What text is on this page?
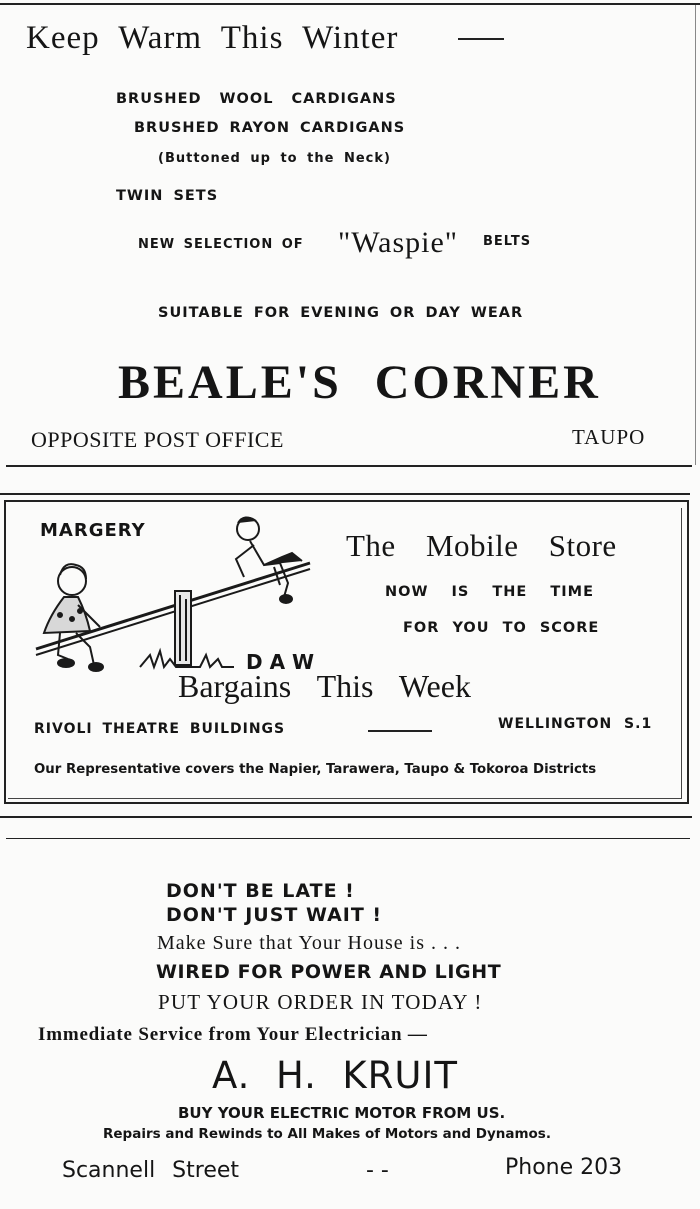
Keep Warm This Winter
BRUSHED WOOL CARDIGANS
BRUSHED RAYON CARDIGANS
(Buttoned up to the Neck)
TWIN SETS
NEW SELECTION OF "Waspie" BELTS
SUITABLE FOR EVENING OR DAY WEAR
BEALE'S CORNER
OPPOSITE POST OFFICE	TAUPO
MARGERY
D A W
The Mobile Store
NOW IS THE TIME
FOR YOU TO SCORE
Bargains This Week
RIVOLI THEATRE BUILDINGS	WELLINGTON S.1
Our Representative covers the Napier, Tarawera, Taupo & Tokoroa Districts
DON'T BE LATE !
DON'T JUST WAIT !
Make Sure that Your House is . . .
WIRED FOR POWER AND LIGHT
PUT YOUR ORDER IN TODAY !
Immediate Service from Your Electrician —
A.  H.  KRUIT
BUY YOUR ELECTRIC MOTOR FROM US.
Repairs and Rewinds to All Makes of Motors and Dynamos.
Scannell Street	- -	Phone 203
